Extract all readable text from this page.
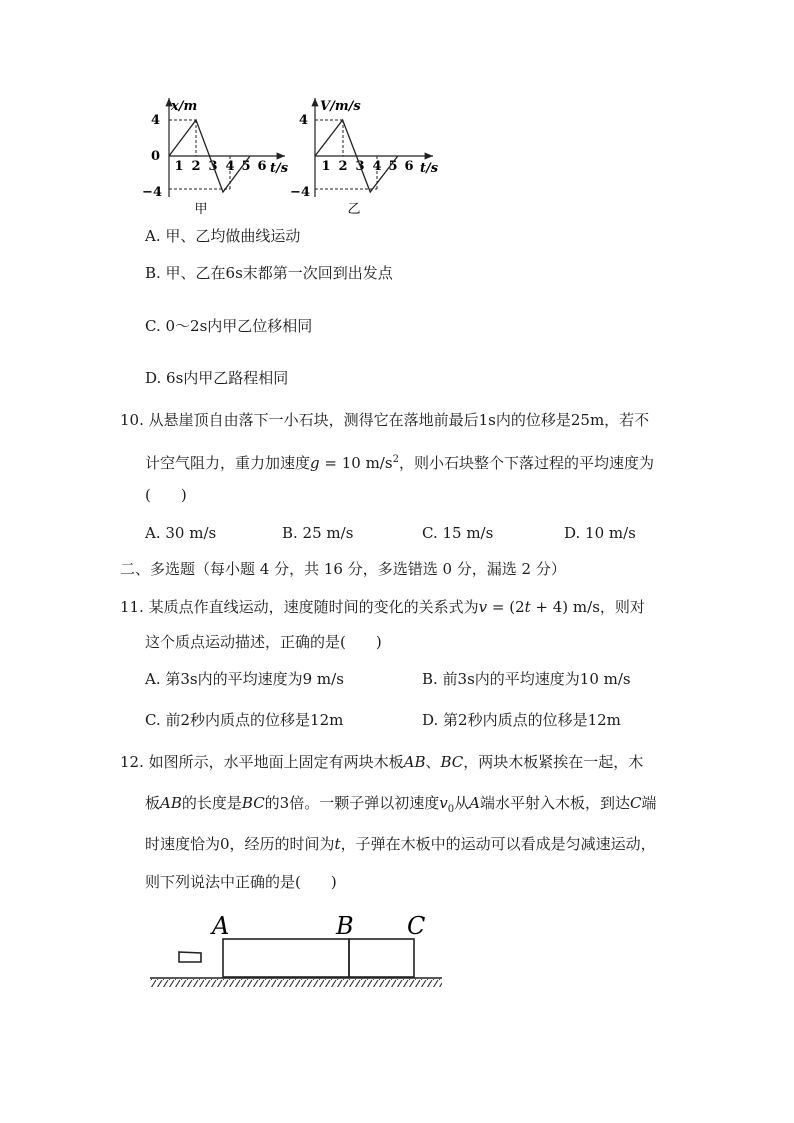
x/m
t/s
4
0
−4
1 2 3 4 5 6
甲
V/m/s
t/s
4
−4
1 2 3 4 5 6
乙
A. 甲、乙均做曲线运动
B. 甲、乙在6s末都第一次回到出发点
C. 0～2s内甲乙位移相同
D. 6s内甲乙路程相同
10. 从悬崖顶自由落下一小石块，测得它在落地前最后1s内的位移是25m，若不
计空气阻力，重力加速度g = 10 $m/s^2$，则小石块整个下落过程的平均速度为
(　　)
A. 30 m/s	B. 25 m/s	C. 15 m/s	D. 10 m/s
二、多选题（每小题 4 分，共 16 分，多选错选 0 分，漏选 2 分）
11. 某质点作直线运动，速度随时间的变化的关系式为v = (2t + 4) m/s，则对
这个质点运动描述，正确的是(　　)
A. 第3s内的平均速度为9 m/s	B. 前3s内的平均速度为10 m/s
C. 前2秒内质点的位移是12m	D. 第2秒内质点的位移是12m
12. 如图所示，水平地面上固定有两块木板AB、BC，两块木板紧挨在一起，木
板AB的长度是BC的3倍。一颗子弹以初速度$v_0$从A端水平射入木板，到达C端
时速度恰为0，经历的时间为t，子弹在木板中的运动可以看成是匀减速运动，
则下列说法中正确的是(　　)
A	B C
